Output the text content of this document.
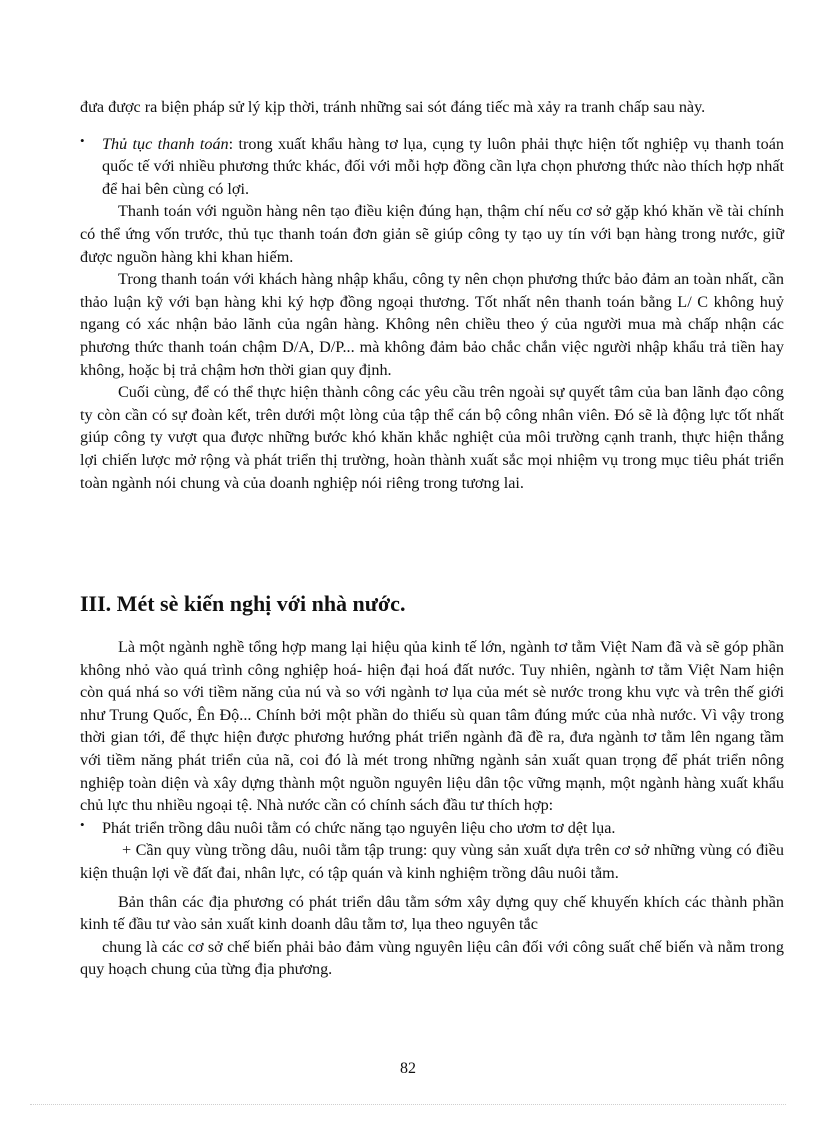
đưa được ra biện pháp sử lý kịp thời, tránh những sai sót đáng tiếc mà xảy ra tranh chấp sau này.

• Thủ tục thanh toán: trong xuất khẩu hàng tơ lụa, cụng ty luôn phải thực hiện tốt nghiệp vụ thanh toán quốc tế với nhiều phương thức khác, đối với mỗi hợp đồng cần lựa chọn phương thức nào thích hợp nhất để hai bên cùng có lợi.

Thanh toán với nguồn hàng nên tạo điều kiện đúng hạn, thậm chí nếu cơ sở gặp khó khăn về tài chính có thể ứng vốn trước, thủ tục thanh toán đơn giản sẽ giúp công ty tạo uy tín với bạn hàng trong nước, giữ được nguồn hàng khi khan hiếm.

Trong thanh toán với khách hàng nhập khẩu, công ty nên chọn phương thức bảo đảm an toàn nhất, cần thảo luận kỹ với bạn hàng khi ký hợp đồng ngoại thương. Tốt nhất nên thanh toán bằng L/ C không huỷ ngang có xác nhận bảo lãnh của ngân hàng. Không nên chiều theo ý của người mua mà chấp nhận các phương thức thanh toán chậm D/A, D/P... mà không đảm bảo chắc chắn việc người nhập khẩu trả tiền hay không, hoặc bị trả chậm hơn thời gian quy định.

Cuối cùng, để có thể thực hiện thành công các yêu cầu trên ngoài sự quyết tâm của ban lãnh đạo công ty còn cần có sự đoàn kết, trên dưới một lòng của tập thể cán bộ công nhân viên. Đó sẽ là động lực tốt nhất giúp công ty vượt qua được những bước khó khăn khắc nghiệt của môi trường cạnh tranh, thực hiện thắng lợi chiến lược mở rộng và phát triển thị trường, hoàn thành xuất sắc mọi nhiệm vụ trong mục tiêu phát triển toàn ngành nói chung và của doanh nghiệp nói riêng trong tương lai.

III. Mét sè kiến nghị với nhà nước.

Là một ngành nghề tổng hợp mang lại hiệu qủa kinh tế lớn, ngành tơ tằm Việt Nam đã và sẽ góp phần không nhỏ vào quá trình công nghiệp hoá- hiện đại hoá đất nước. Tuy nhiên, ngành tơ tằm Việt Nam hiện còn quá nhá so với tiềm năng của nú và so với ngành tơ lụa của mét sè nước trong khu vực và trên thế giới như Trung Quốc, Ên Độ... Chính bởi một phần do thiếu sù quan tâm đúng mức của nhà nước. Vì vậy trong thời gian tới, để thực hiện được phương hướng phát triển ngành đã đề ra, đưa ngành tơ tằm lên ngang tầm với tiềm năng phát triển của nã, coi đó là mét trong những ngành sản xuất quan trọng để phát triển nông nghiệp toàn diện và xây dựng thành một nguồn nguyên liệu dân tộc vững mạnh, một ngành hàng xuất khẩu chủ lực thu nhiều ngoại tệ. Nhà nước cần có chính sách đầu tư thích hợp:

• Phát triển trồng dâu nuôi tằm có chức năng tạo nguyên liệu cho ươm tơ dệt lụa.

+ Cần quy vùng trồng dâu, nuôi tằm tập trung: quy vùng sản xuất dựa trên cơ sở những vùng có điều kiện thuận lợi về đất đai, nhân lực, có tập quán và kinh nghiệm trồng dâu nuôi tằm.

Bản thân các địa phương có phát triển dâu tằm sớm xây dựng quy chế khuyến khích các thành phần kinh tế đầu tư vào sản xuất kinh doanh dâu tằm tơ, lụa theo nguyên tắc

chung là các cơ sở chế biến phải bảo đảm vùng nguyên liệu cân đối với công suất chế biến và nằm trong quy hoạch chung của từng địa phương.

82
